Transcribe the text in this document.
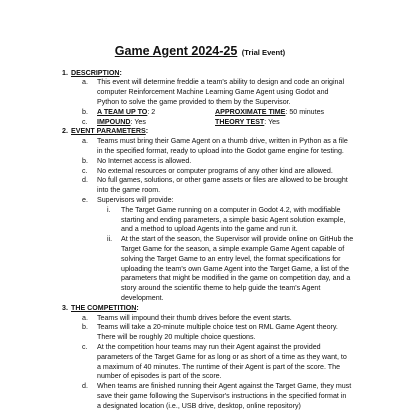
Game Agent 2024-25 (Trial Event)
1. DESCRIPTION:
a. This event will determine freddie a team's ability to design and code an original
computer Reinforcement Machine Learning Game Agent using Godot and
Python to solve the game provided to them by the Supervisor.
b. A TEAM UP TO: 2	APPROXIMATE TIME: 50 minutes
c. IMPOUND: Yes	THEORY TEST: Yes
2. EVENT PARAMETERS:
a. Teams must bring their Game Agent on a thumb drive, written in Python as a file
in the specified format, ready to upload into the Godot game engine for testing.
b. No Internet access is allowed.
c. No external resources or computer programs of any other kind are allowed.
d. No full games, solutions, or other game assets or files are allowed to be brought
into the game room.
e. Supervisors will provide:
i. The Target Game running on a computer in Godot 4.2, with modifiable
starting and ending parameters, a simple basic Agent solution example,
and a method to upload Agents into the game and run it.
ii. At the start of the season, the Supervisor will provide online on GitHub the
Target Game for the season, a simple example Game Agent capable of
solving the Target Game to an entry level, the format specifications for
uploading the team's own Game Agent into the Target Game, a list of the
parameters that might be modified in the game on competition day, and a
story around the scientific theme to help guide the team's Agent
development.
3. THE COMPETITION:
a. Teams will impound their thumb drives before the event starts.
b. Teams will take a 20-minute multiple choice test on RML Game Agent theory.
There will be roughly 20 multiple choice questions.
c. At the competition hour teams may run their Agent against the provided
parameters of the Target Game for as long or as short of a time as they want, to
a maximum of 40 minutes. The runtime of their Agent is part of the score. The
number of episodes is part of the score.
d. When teams are finished running their Agent against the Target Game, they must
save their game following the Supervisor's instructions in the specified format in
a designated location (i.e., USB drive, desktop, online repository)
